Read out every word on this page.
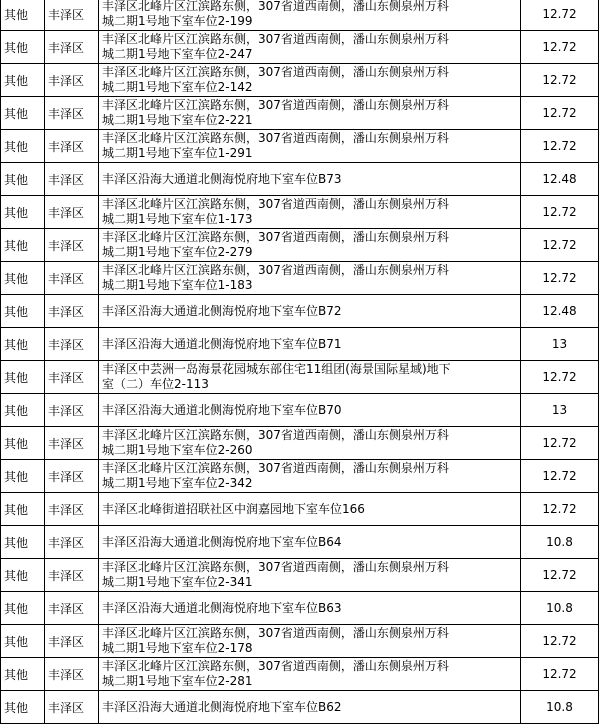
其他	丰泽区	丰泽区北峰片区江滨路东侧，307省道西南侧，潘山东侧泉州万科
城二期1号地下室车位2-199	12.72
其他	丰泽区	丰泽区北峰片区江滨路东侧，307省道西南侧，潘山东侧泉州万科
城二期1号地下室车位2-247	12.72
其他	丰泽区	丰泽区北峰片区江滨路东侧，307省道西南侧，潘山东侧泉州万科
城二期1号地下室车位2-142	12.72
其他	丰泽区	丰泽区北峰片区江滨路东侧，307省道西南侧，潘山东侧泉州万科
城二期1号地下室车位2-221	12.72
其他	丰泽区	丰泽区北峰片区江滨路东侧，307省道西南侧，潘山东侧泉州万科
城二期1号地下室车位1-291	12.72
其他	丰泽区	丰泽区沿海大通道北侧海悦府地下室车位B73	12.48
其他	丰泽区	丰泽区北峰片区江滨路东侧，307省道西南侧，潘山东侧泉州万科
城二期1号地下室车位1-173	12.72
其他	丰泽区	丰泽区北峰片区江滨路东侧，307省道西南侧，潘山东侧泉州万科
城二期1号地下室车位2-279	12.72
其他	丰泽区	丰泽区北峰片区江滨路东侧，307省道西南侧，潘山东侧泉州万科
城二期1号地下室车位1-183	12.72
其他	丰泽区	丰泽区沿海大通道北侧海悦府地下室车位B72	12.48
其他	丰泽区	丰泽区沿海大通道北侧海悦府地下室车位B71	13
其他	丰泽区	丰泽区中芸洲一岛海景花园城东部住宅11组团(海景国际星域)地下
室（二）车位2-113	12.72
其他	丰泽区	丰泽区沿海大通道北侧海悦府地下室车位B70	13
其他	丰泽区	丰泽区北峰片区江滨路东侧，307省道西南侧，潘山东侧泉州万科
城二期1号地下室车位2-260	12.72
其他	丰泽区	丰泽区北峰片区江滨路东侧，307省道西南侧，潘山东侧泉州万科
城二期1号地下室车位2-342	12.72
其他	丰泽区	丰泽区北峰街道招联社区中润嘉园地下室车位166	12.72
其他	丰泽区	丰泽区沿海大通道北侧海悦府地下室车位B64	10.8
其他	丰泽区	丰泽区北峰片区江滨路东侧，307省道西南侧，潘山东侧泉州万科
城二期1号地下室车位2-341	12.72
其他	丰泽区	丰泽区沿海大通道北侧海悦府地下室车位B63	10.8
其他	丰泽区	丰泽区北峰片区江滨路东侧，307省道西南侧，潘山东侧泉州万科
城二期1号地下室车位2-178	12.72
其他	丰泽区	丰泽区北峰片区江滨路东侧，307省道西南侧，潘山东侧泉州万科
城二期1号地下室车位2-281	12.72
其他	丰泽区	丰泽区沿海大通道北侧海悦府地下室车位B62	10.8
